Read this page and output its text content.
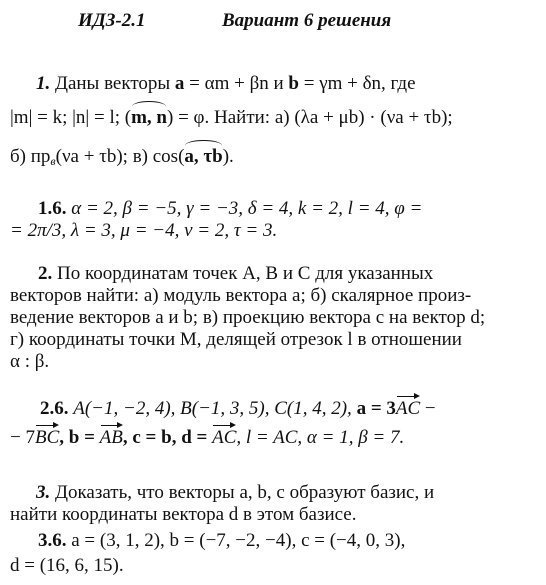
ИДЗ-2.1	Вариант 6 решения
1. Даны векторы a = αm + βn и b = γm + δn, где
|m| = k; |n| = l; (m, n) = φ. Найти: а) (λa + μb) · (νa + τb);
б) $пр_в(\nu a + \tau b)$; в) cos(a, τb).
1.6. α = 2, β = −5, γ = −3, δ = 4, k = 2, l = 4, φ =
= 2π/3, λ = 3, μ = −4, ν = 2, τ = 3.
2. По координатам точек A, B и C для указанных
векторов найти: а) модуль вектора a; б) скалярное произ-
ведение векторов a и b; в) проекцию вектора c на вектор d;
г) координаты точки M, делящей отрезок l в отношении
α : β.
2.6. A(−1, −2, 4), B(−1, 3, 5), C(1, 4, 2), a = 3AC −
− 7BC, b = AB, c = b, d = AC, l = AC, α = 1, β = 7.
3. Доказать, что векторы a, b, c образуют базис, и
найти координаты вектора d в этом базисе.
3.6. a = (3, 1, 2), b = (−7, −2, −4), c = (−4, 0, 3),
d = (16, 6, 15).
